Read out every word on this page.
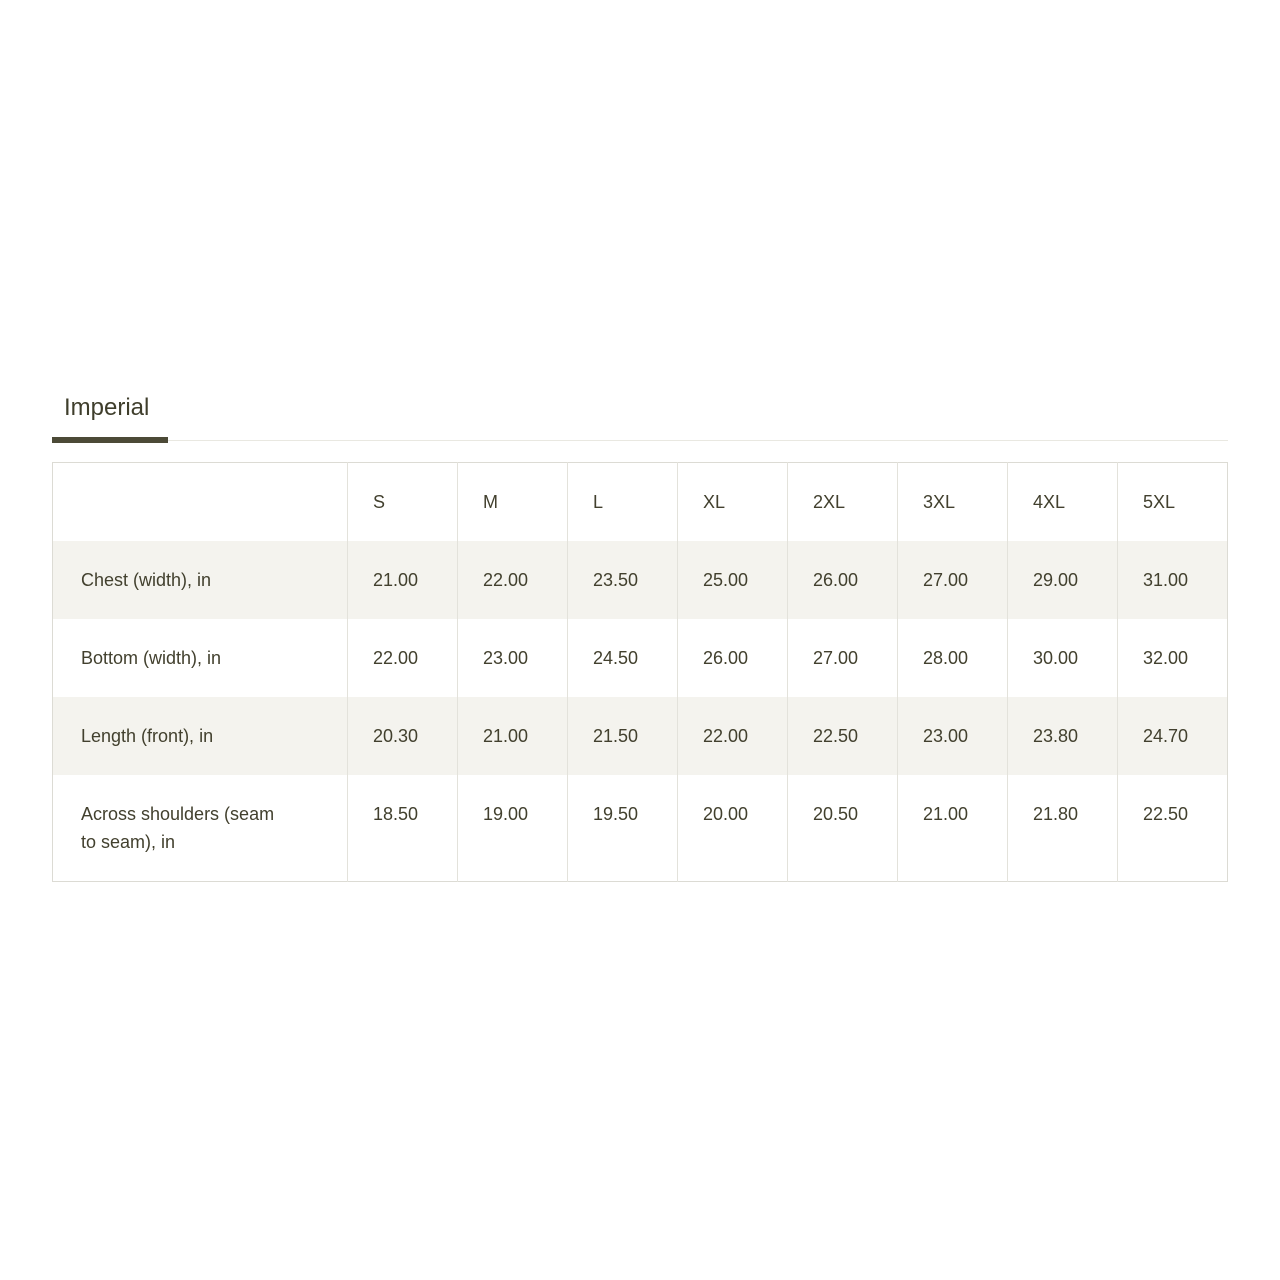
Imperial
	S	M	L	XL	2XL	3XL	4XL	5XL
Chest (width), in	21.00	22.00	23.50	25.00	26.00	27.00	29.00	31.00
Bottom (width), in	22.00	23.00	24.50	26.00	27.00	28.00	30.00	32.00
Length (front), in	20.30	21.00	21.50	22.00	22.50	23.00	23.80	24.70
Across shoulders (seam to seam), in	18.50	19.00	19.50	20.00	20.50	21.00	21.80	22.50
